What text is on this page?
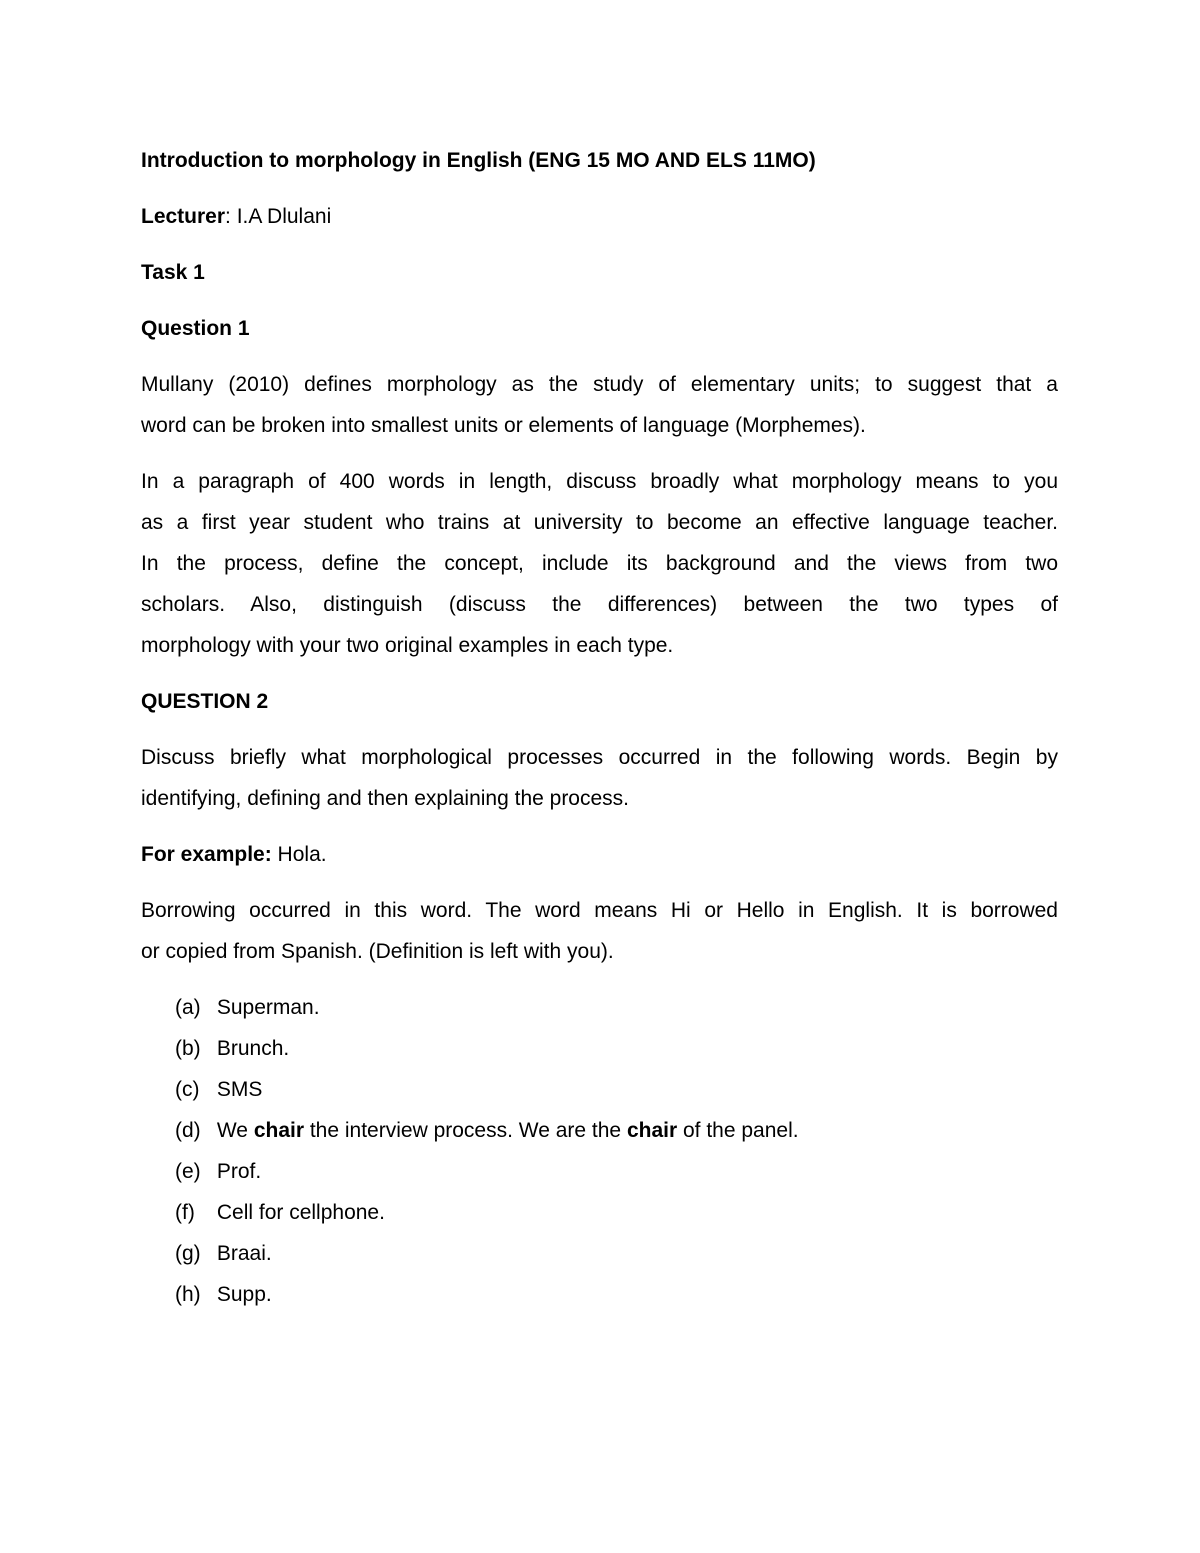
Introduction to morphology in English (ENG 15 MO AND ELS 11MO)

Lecturer: I.A Dlulani

Task 1

Question 1

Mullany (2010) defines morphology as the study of elementary units; to suggest that a
word can be broken into smallest units or elements of language (Morphemes).
In a paragraph of 400 words in length, discuss broadly what morphology means to you
as a first year student who trains at university to become an effective language teacher.
In the process, define the concept, include its background and the views from two
scholars. Also, distinguish (discuss the differences) between the two types of
morphology with your two original examples in each type.

QUESTION 2

Discuss briefly what morphological processes occurred in the following words. Begin by
identifying, defining and then explaining the process.

For example: Hola.

Borrowing occurred in this word. The word means Hi or Hello in English. It is borrowed
or copied from Spanish. (Definition is left with you).
(a) Superman.
(b) Brunch.
(c) SMS
(d) We chair the interview process. We are the chair of the panel.
(e) Prof.
(f) Cell for cellphone.
(g) Braai.
(h) Supp.
